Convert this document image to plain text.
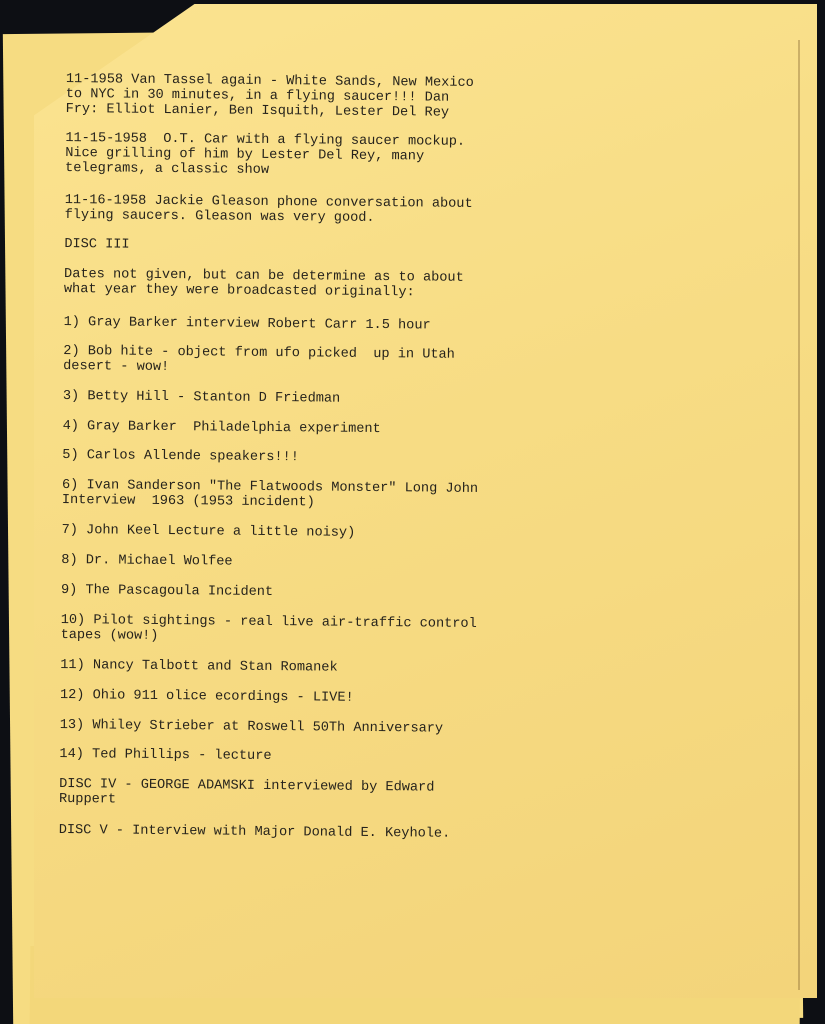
11-1958 Van Tassel again - White Sands, New Mexico
to NYC in 30 minutes, in a flying saucer!!! Dan
Fry: Elliot Lanier, Ben Isquith, Lester Del Rey
11-15-1958  O.T. Car with a flying saucer mockup.
Nice grilling of him by Lester Del Rey, many
telegrams, a classic show
11-16-1958 Jackie Gleason phone conversation about
flying saucers. Gleason was very good.
DISC III
Dates not given, but can be determine as to about
what year they were broadcasted originally:
1) Gray Barker interview Robert Carr 1.5 hour
2) Bob hite - object from ufo picked  up in Utah
desert - wow!
3) Betty Hill - Stanton D Friedman
4) Gray Barker  Philadelphia experiment
5) Carlos Allende speakers!!!
6) Ivan Sanderson "The Flatwoods Monster" Long John
Interview  1963 (1953 incident)
7) John Keel Lecture a little noisy)
8) Dr. Michael Wolfee
9) The Pascagoula Incident
10) Pilot sightings - real live air-traffic control
tapes (wow!)
11) Nancy Talbott and Stan Romanek
12) Ohio 911 olice ecordings - LIVE!
13) Whiley Strieber at Roswell 50Th Anniversary
14) Ted Phillips - lecture
DISC IV - GEORGE ADAMSKI interviewed by Edward
Ruppert
DISC V - Interview with Major Donald E. Keyhole.
